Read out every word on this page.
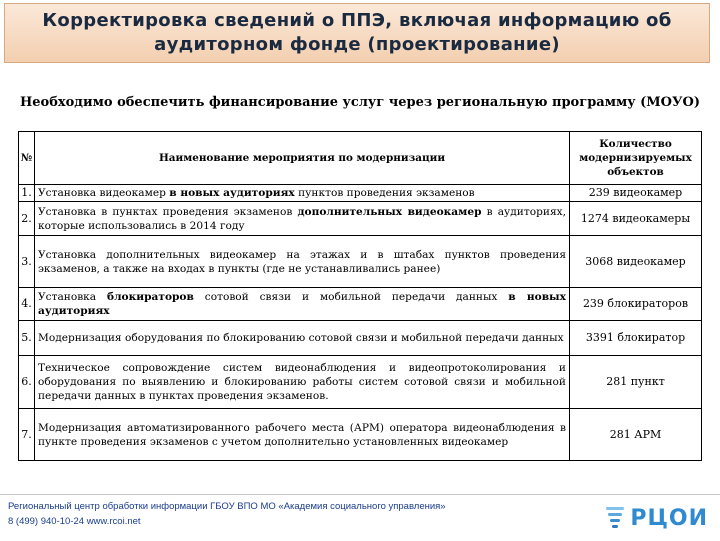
Корректировка сведений о ППЭ, включая информацию об
аудиторном фонде (проектирование)
Необходимо обеспечить финансирование услуг через региональную программу (МОУО)
№	Наименование мероприятия по модернизации	Количество модернизируемых объектов
1.	Установка видеокамер в новых аудиториях пунктов проведения экзаменов	239 видеокамер
2.	Установка в пунктах проведения экзаменов дополнительных видеокамер в аудиториях, которые использовались в 2014 году	1274 видеокамеры
3.	Установка дополнительных видеокамер на этажах и в штабах пунктов проведения экзаменов, а также на входах в пункты (где не устанавливались ранее)	3068 видеокамер
4.	Установка блокираторов сотовой связи и мобильной передачи данных в новых аудиториях	239 блокираторов
5.	Модернизация оборудования по блокированию сотовой связи и мобильной передачи данных	3391 блокиратор
6.	Техническое сопровождение систем видеонаблюдения и видеопротоколирования и оборудования по выявлению и блокированию работы систем сотовой связи и мобильной передачи данных в пунктах проведения экзаменов.	281 пункт
7.	Модернизация автоматизированного рабочего места (АРМ) оператора видеонаблюдения в пункте проведения экзаменов с учетом дополнительно установленных видеокамер	281 АРМ
Региональный центр обработки информации ГБОУ ВПО МО «Академия социального управления»
8 (499) 940-10-24 www.rcoi.net	РЦОИ
